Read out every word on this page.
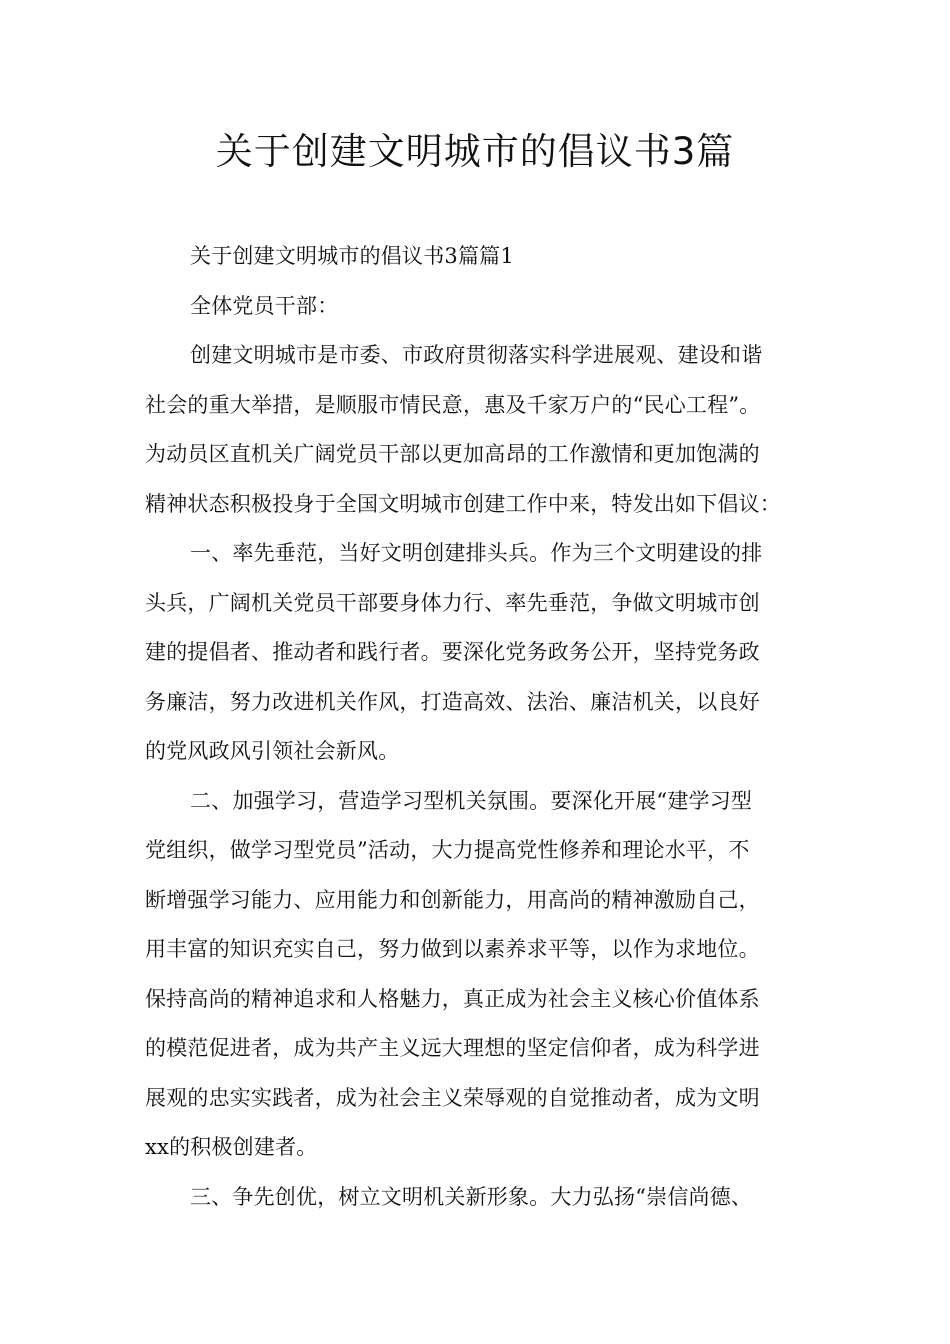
关于创建文明城市的倡议书3篇
关于创建文明城市的倡议书3篇篇1
全体党员干部：
创建文明城市是市委、市政府贯彻落实科学进展观、建设和谐
社会的重大举措，是顺服市情民意，惠及千家万户的“民心工程”。
为动员区直机关广阔党员干部以更加高昂的工作激情和更加饱满的
精神状态积极投身于全国文明城市创建工作中来，特发出如下倡议：
一、率先垂范，当好文明创建排头兵。作为三个文明建设的排
头兵，广阔机关党员干部要身体力行、率先垂范，争做文明城市创
建的提倡者、推动者和践行者。要深化党务政务公开，坚持党务政
务廉洁，努力改进机关作风，打造高效、法治、廉洁机关，以良好
的党风政风引领社会新风。
二、加强学习，营造学习型机关氛围。要深化开展“建学习型
党组织，做学习型党员”活动，大力提高党性修养和理论水平，不
断增强学习能力、应用能力和创新能力，用高尚的精神激励自己，
用丰富的知识充实自己，努力做到以素养求平等，以作为求地位。
保持高尚的精神追求和人格魅力，真正成为社会主义核心价值体系
的模范促进者，成为共产主义远大理想的坚定信仰者，成为科学进
展观的忠实实践者，成为社会主义荣辱观的自觉推动者，成为文明
xx的积极创建者。
三、争先创优，树立文明机关新形象。大力弘扬“崇信尚德、
